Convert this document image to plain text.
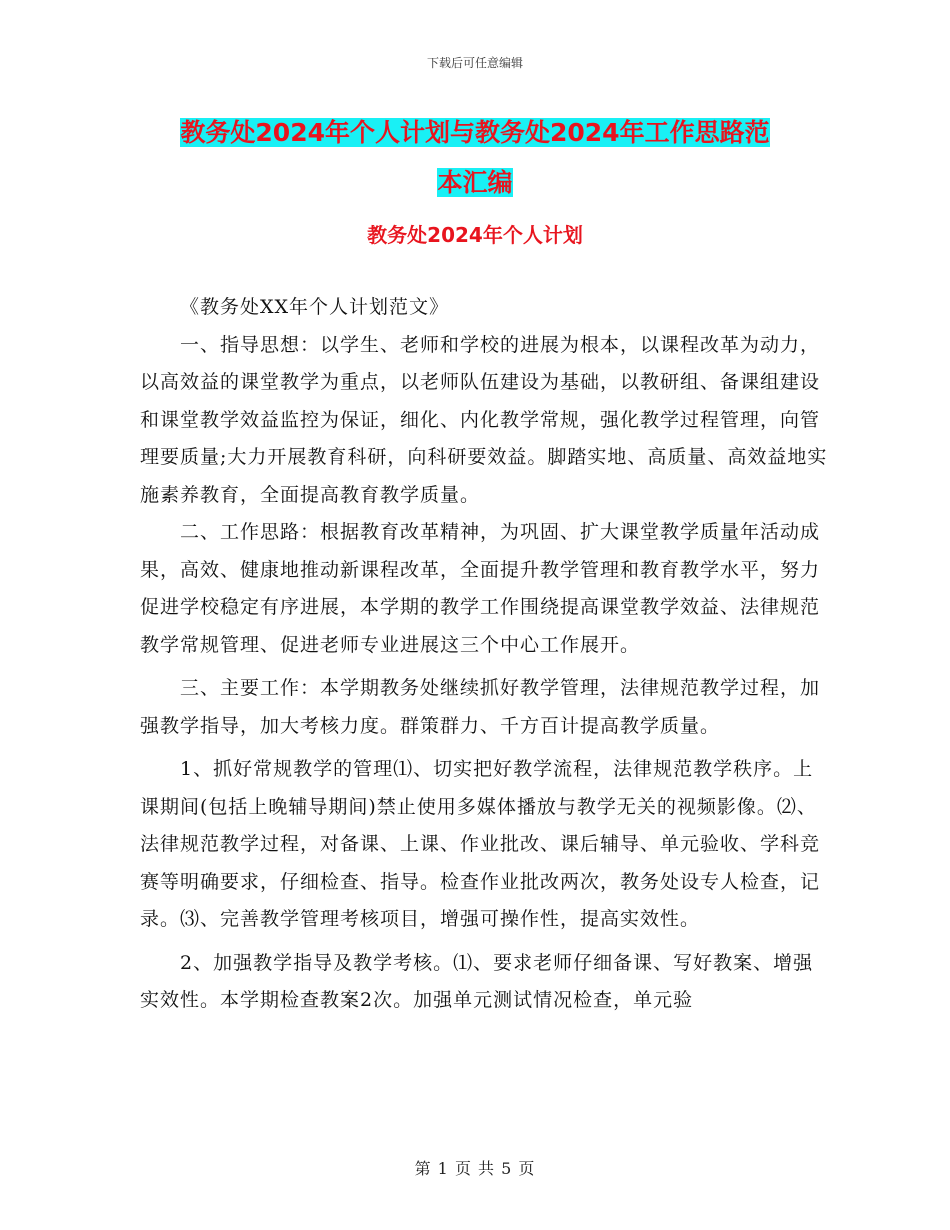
下载后可任意编辑
教务处2024年个人计划与教务处2024年工作思路范
本汇编
教务处2024年个人计划

《教务处XX年个人计划范文》

一、指导思想：以学生、老师和学校的进展为根本，以课程改革为动力，以高效益的课堂教学为重点，以老师队伍建设为基础，以教研组、备课组建设和课堂教学效益监控为保证，细化、内化教学常规，强化教学过程管理，向管理要质量;大力开展教育科研，向科研要效益。脚踏实地、高质量、高效益地实施素养教育，全面提高教育教学质量。

二、工作思路：根据教育改革精神，为巩固、扩大课堂教学质量年活动成果，高效、健康地推动新课程改革，全面提升教学管理和教育教学水平，努力促进学校稳定有序进展，本学期的教学工作围绕提高课堂教学效益、法律规范教学常规管理、促进老师专业进展这三个中心工作展开。

三、主要工作：本学期教务处继续抓好教学管理，法律规范教学过程，加强教学指导，加大考核力度。群策群力、千方百计提高教学质量。

1、抓好常规教学的管理⑴、切实把好教学流程，法律规范教学秩序。上课期间(包括上晚辅导期间)禁止使用多媒体播放与教学无关的视频影像。⑵、法律规范教学过程，对备课、上课、作业批改、课后辅导、单元验收、学科竞赛等明确要求，仔细检查、指导。检查作业批改两次，教务处设专人检查，记录。⑶、完善教学管理考核项目，增强可操作性，提高实效性。

2、加强教学指导及教学考核。⑴、要求老师仔细备课、写好教案、增强实效性。本学期检查教案2次。加强单元测试情况检查，单元验

第 1 页 共 5 页
